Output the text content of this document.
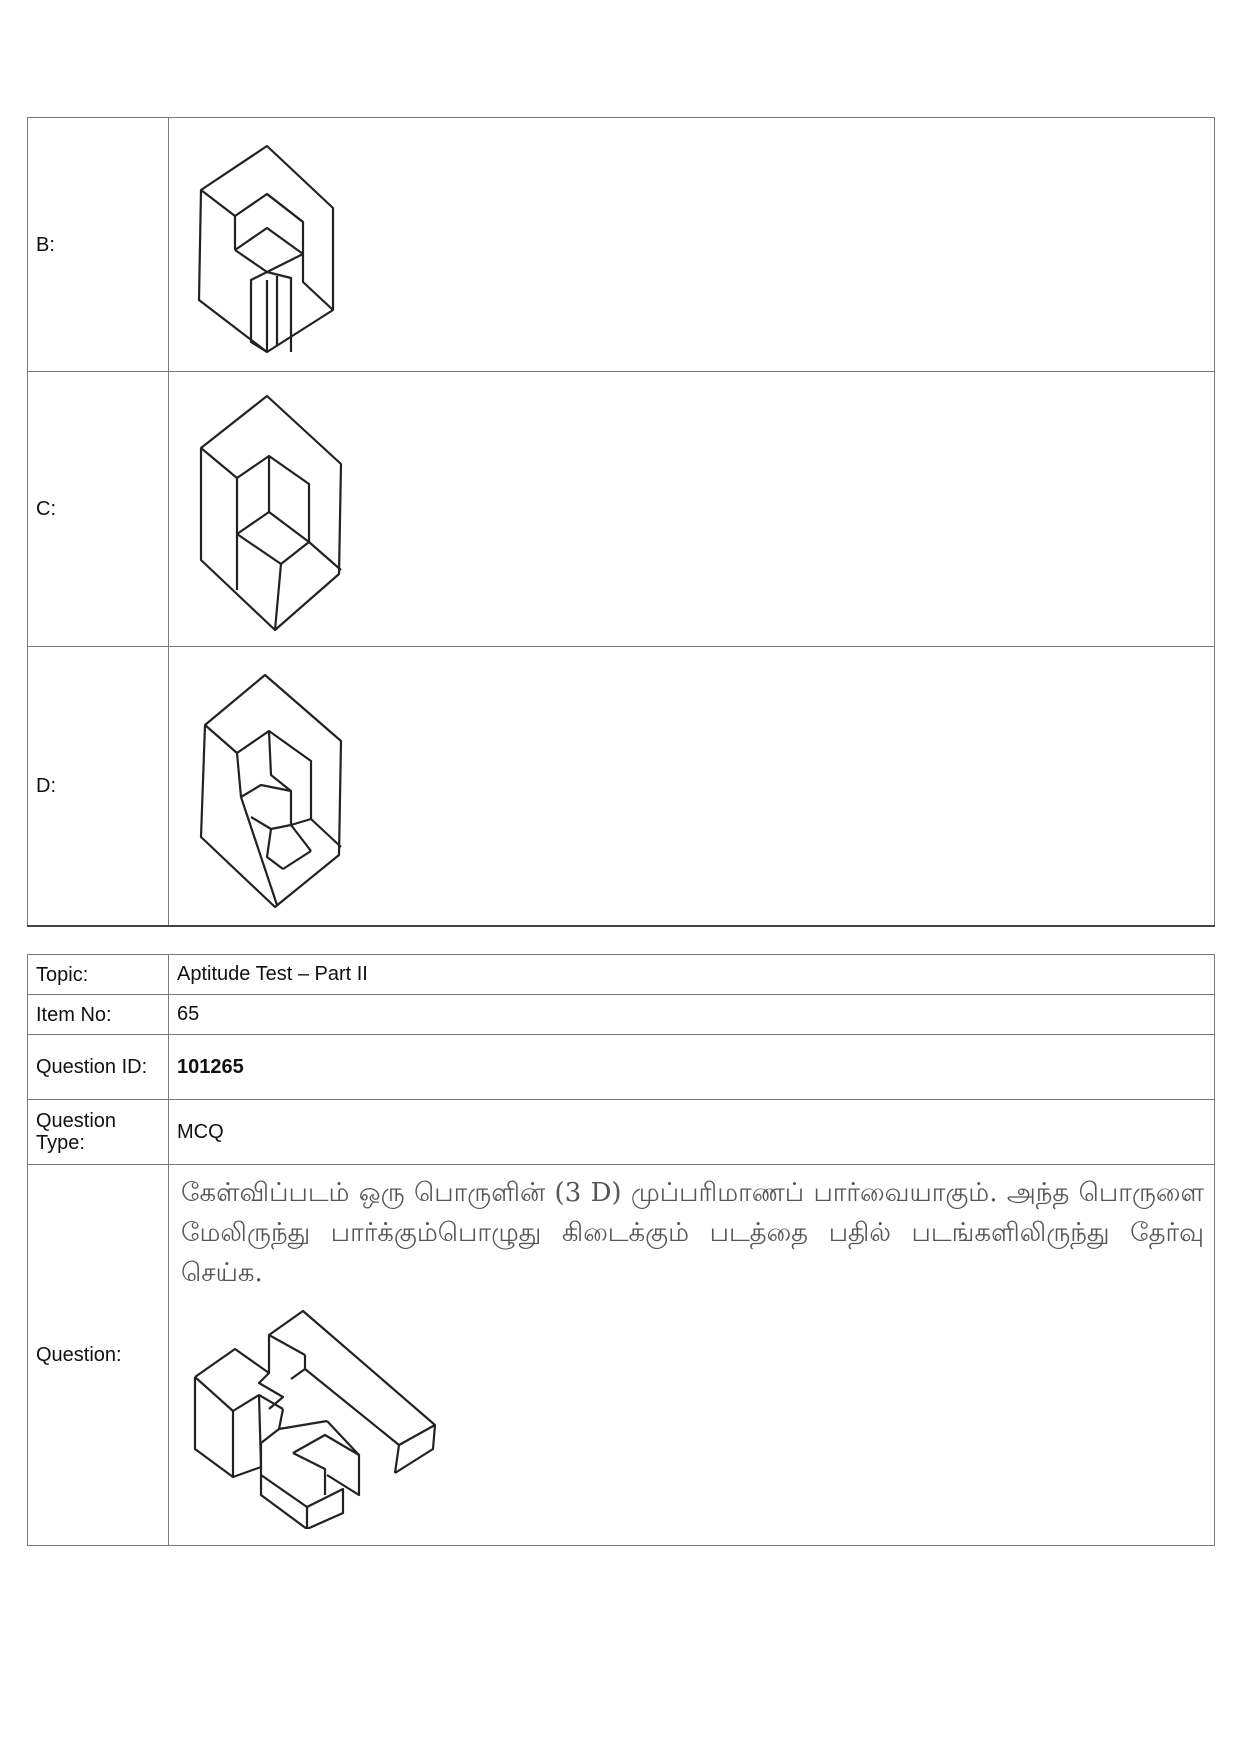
B:	

C:	

D:	
Topic:	Aptitude Test – Part II
Item No:	65
Question ID:	101265
Question Type:	MCQ
Question:	கேள்விப்படம் ஒரு பொருளின் (3 D) முப்பரிமாணப் பார்வையாகும். அந்த பொருளை மேலிருந்து பார்க்கும்பொழுது கிடைக்கும் படத்தை பதில் படங்களிலிருந்து தேர்வு செய்க.
